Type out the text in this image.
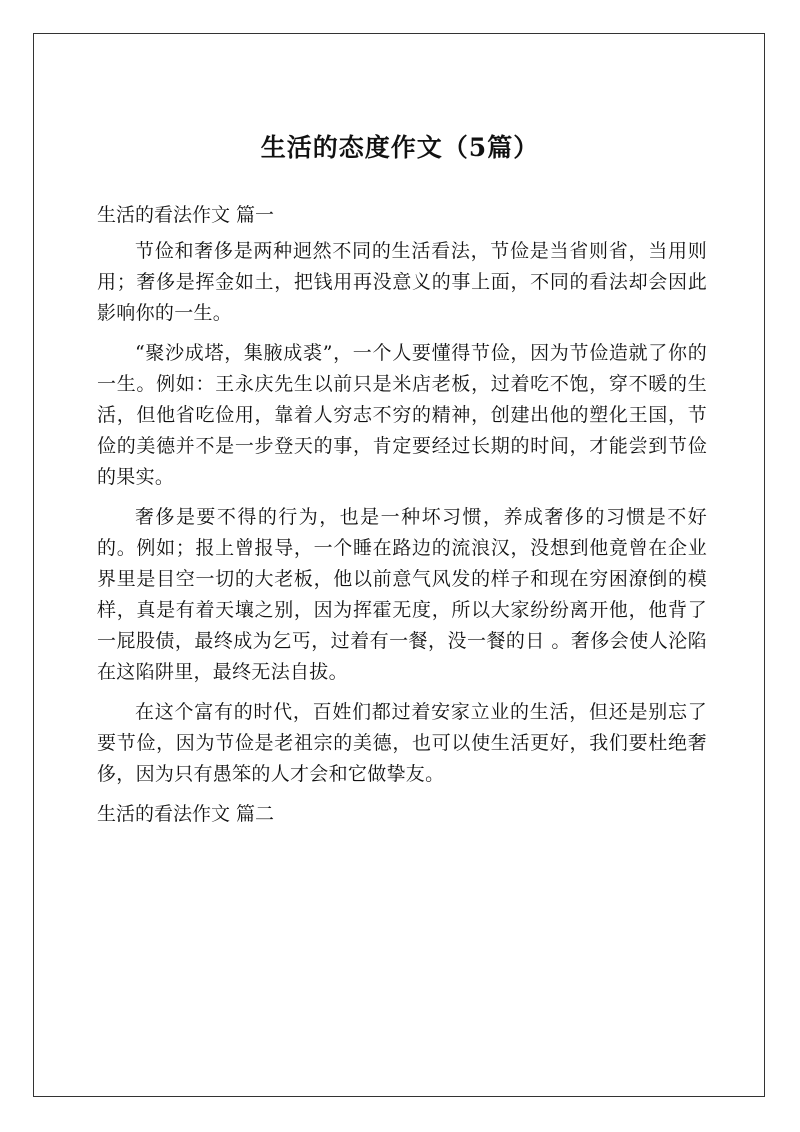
生活的态度作文（5篇）

生活的看法作文 篇一

节俭和奢侈是两种迥然不同的生活看法，节俭是当省则省，当用则用；奢侈是挥金如土，把钱用再没意义的事上面，不同的看法却会因此影响你的一生。

“聚沙成塔，集腋成裘”，一个人要懂得节俭，因为节俭造就了你的一生。例如：王永庆先生以前只是米店老板，过着吃不饱，穿不暖的生活，但他省吃俭用，靠着人穷志不穷的精神，创建出他的塑化王国，节俭的美德并不是一步登天的事，肯定要经过长期的时间，才能尝到节俭的果实。

奢侈是要不得的行为，也是一种坏习惯，养成奢侈的习惯是不好的。例如；报上曾报导，一个睡在路边的流浪汉，没想到他竟曾在企业界里是目空一切的大老板，他以前意气风发的样子和现在穷困潦倒的模样，真是有着天壤之别，因为挥霍无度，所以大家纷纷离开他，他背了一屁股债，最终成为乞丐，过着有一餐，没一餐的日 。奢侈会使人沦陷在这陷阱里，最终无法自拔。

在这个富有的时代，百姓们都过着安家立业的生活，但还是别忘了要节俭，因为节俭是老祖宗的美德，也可以使生活更好，我们要杜绝奢侈，因为只有愚笨的人才会和它做挚友。

生活的看法作文 篇二
